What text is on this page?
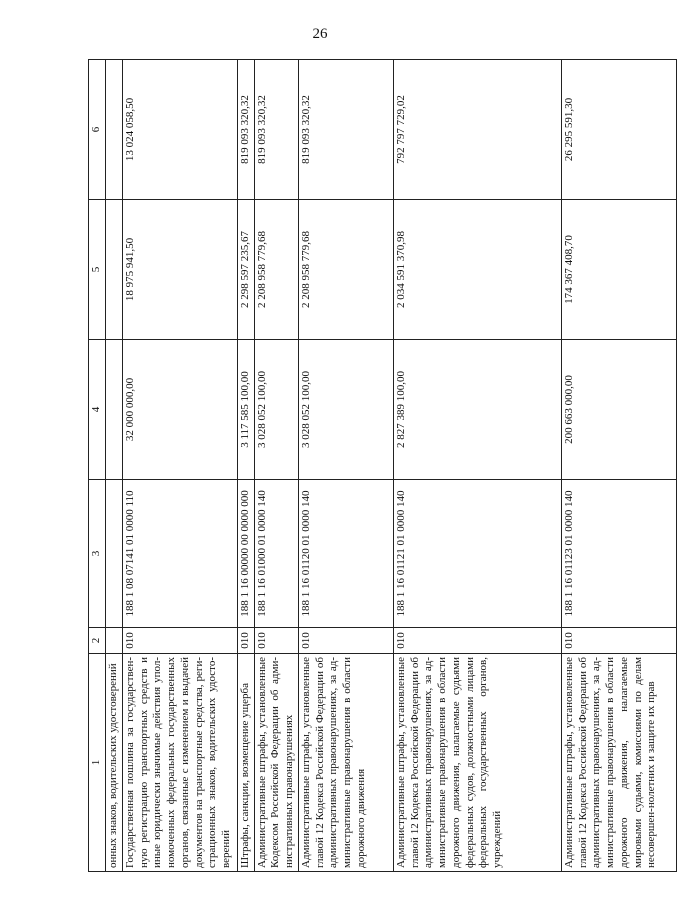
26
1	2	3	4	5	6
онных знаков, водительских удостоверений					
Государственная пошлина за государствен-ную регистрацию транспортных средств и иные юридически значимые действия упол-номоченных федеральных государственных органов, связанные с изменением и выдачей документов на транспортные средства, реги-страционных знаков, водительских удосто-верений	010	188 1 08 07141 01 0000 110	32 000 000,00	18 975 941,50	13 024 058,50
Штрафы, санкции, возмещение ущерба	010	188 1 16 00000 00 0000 000	3 117 585 100,00	2 298 597 235,67	819 093 320,32
Административные штрафы, установленные Кодексом Российской Федерации об адми-нистративных правонарушениях	010	188 1 16 01000 01 0000 140	3 028 052 100,00	2 208 958 779,68	819 093 320,32
Административные штрафы, установленные главой 12 Кодекса Российской Федерации об административных правонарушениях, за ад-министративные правонарушения в области дорожного движения	010	188 1 16 01120 01 0000 140	3 028 052 100,00	2 208 958 779,68	819 093 320,32
Административные штрафы, установленные главой 12 Кодекса Российской Федерации об административных правонарушениях, за ад-министративные правонарушения в области дорожного движения, налагаемые судьями федеральных судов, должностными лицами федеральных государственных органов, учреждений	010	188 1 16 01121 01 0000 140	2 827 389 100,00	2 034 591 370,98	792 797 729,02
Административные штрафы, установленные главой 12 Кодекса Российской Федерации об административных правонарушениях, за ад-министративные правонарушения в области дорожного движения, налагаемые мировыми судьями, комиссиями по делам несовершен-нолетних и защите их прав	010	188 1 16 01123 01 0000 140	200 663 000,00	174 367 408,70	26 295 591,30
